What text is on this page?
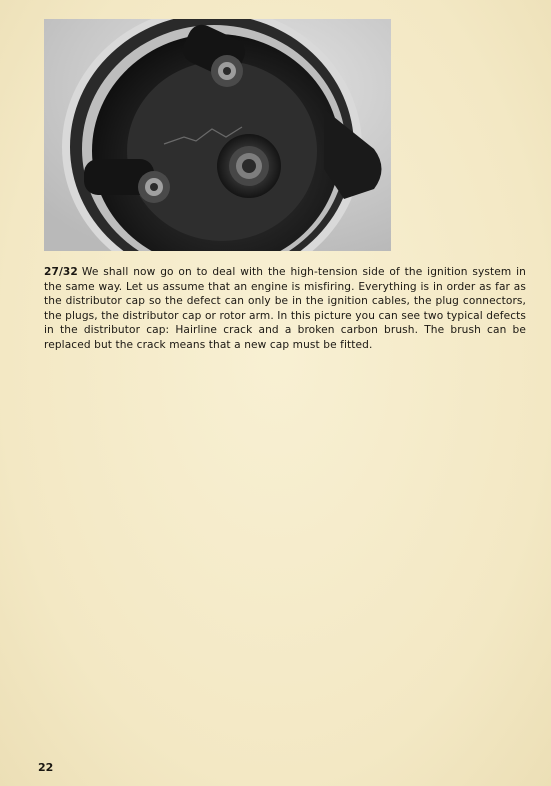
27/32 We shall now go on to deal with the high-tension side of the ignition system in the same way. Let us assume that an engine is misfiring. Everything is in order as far as the distributor cap so the defect can only be in the ignition cables, the plug connectors, the plugs, the distributor cap or rotor arm. In this picture you can see two typical defects in the distributor cap: Hairline crack and a broken carbon brush. The brush can be replaced but the crack means that a new cap must be fitted.
22
